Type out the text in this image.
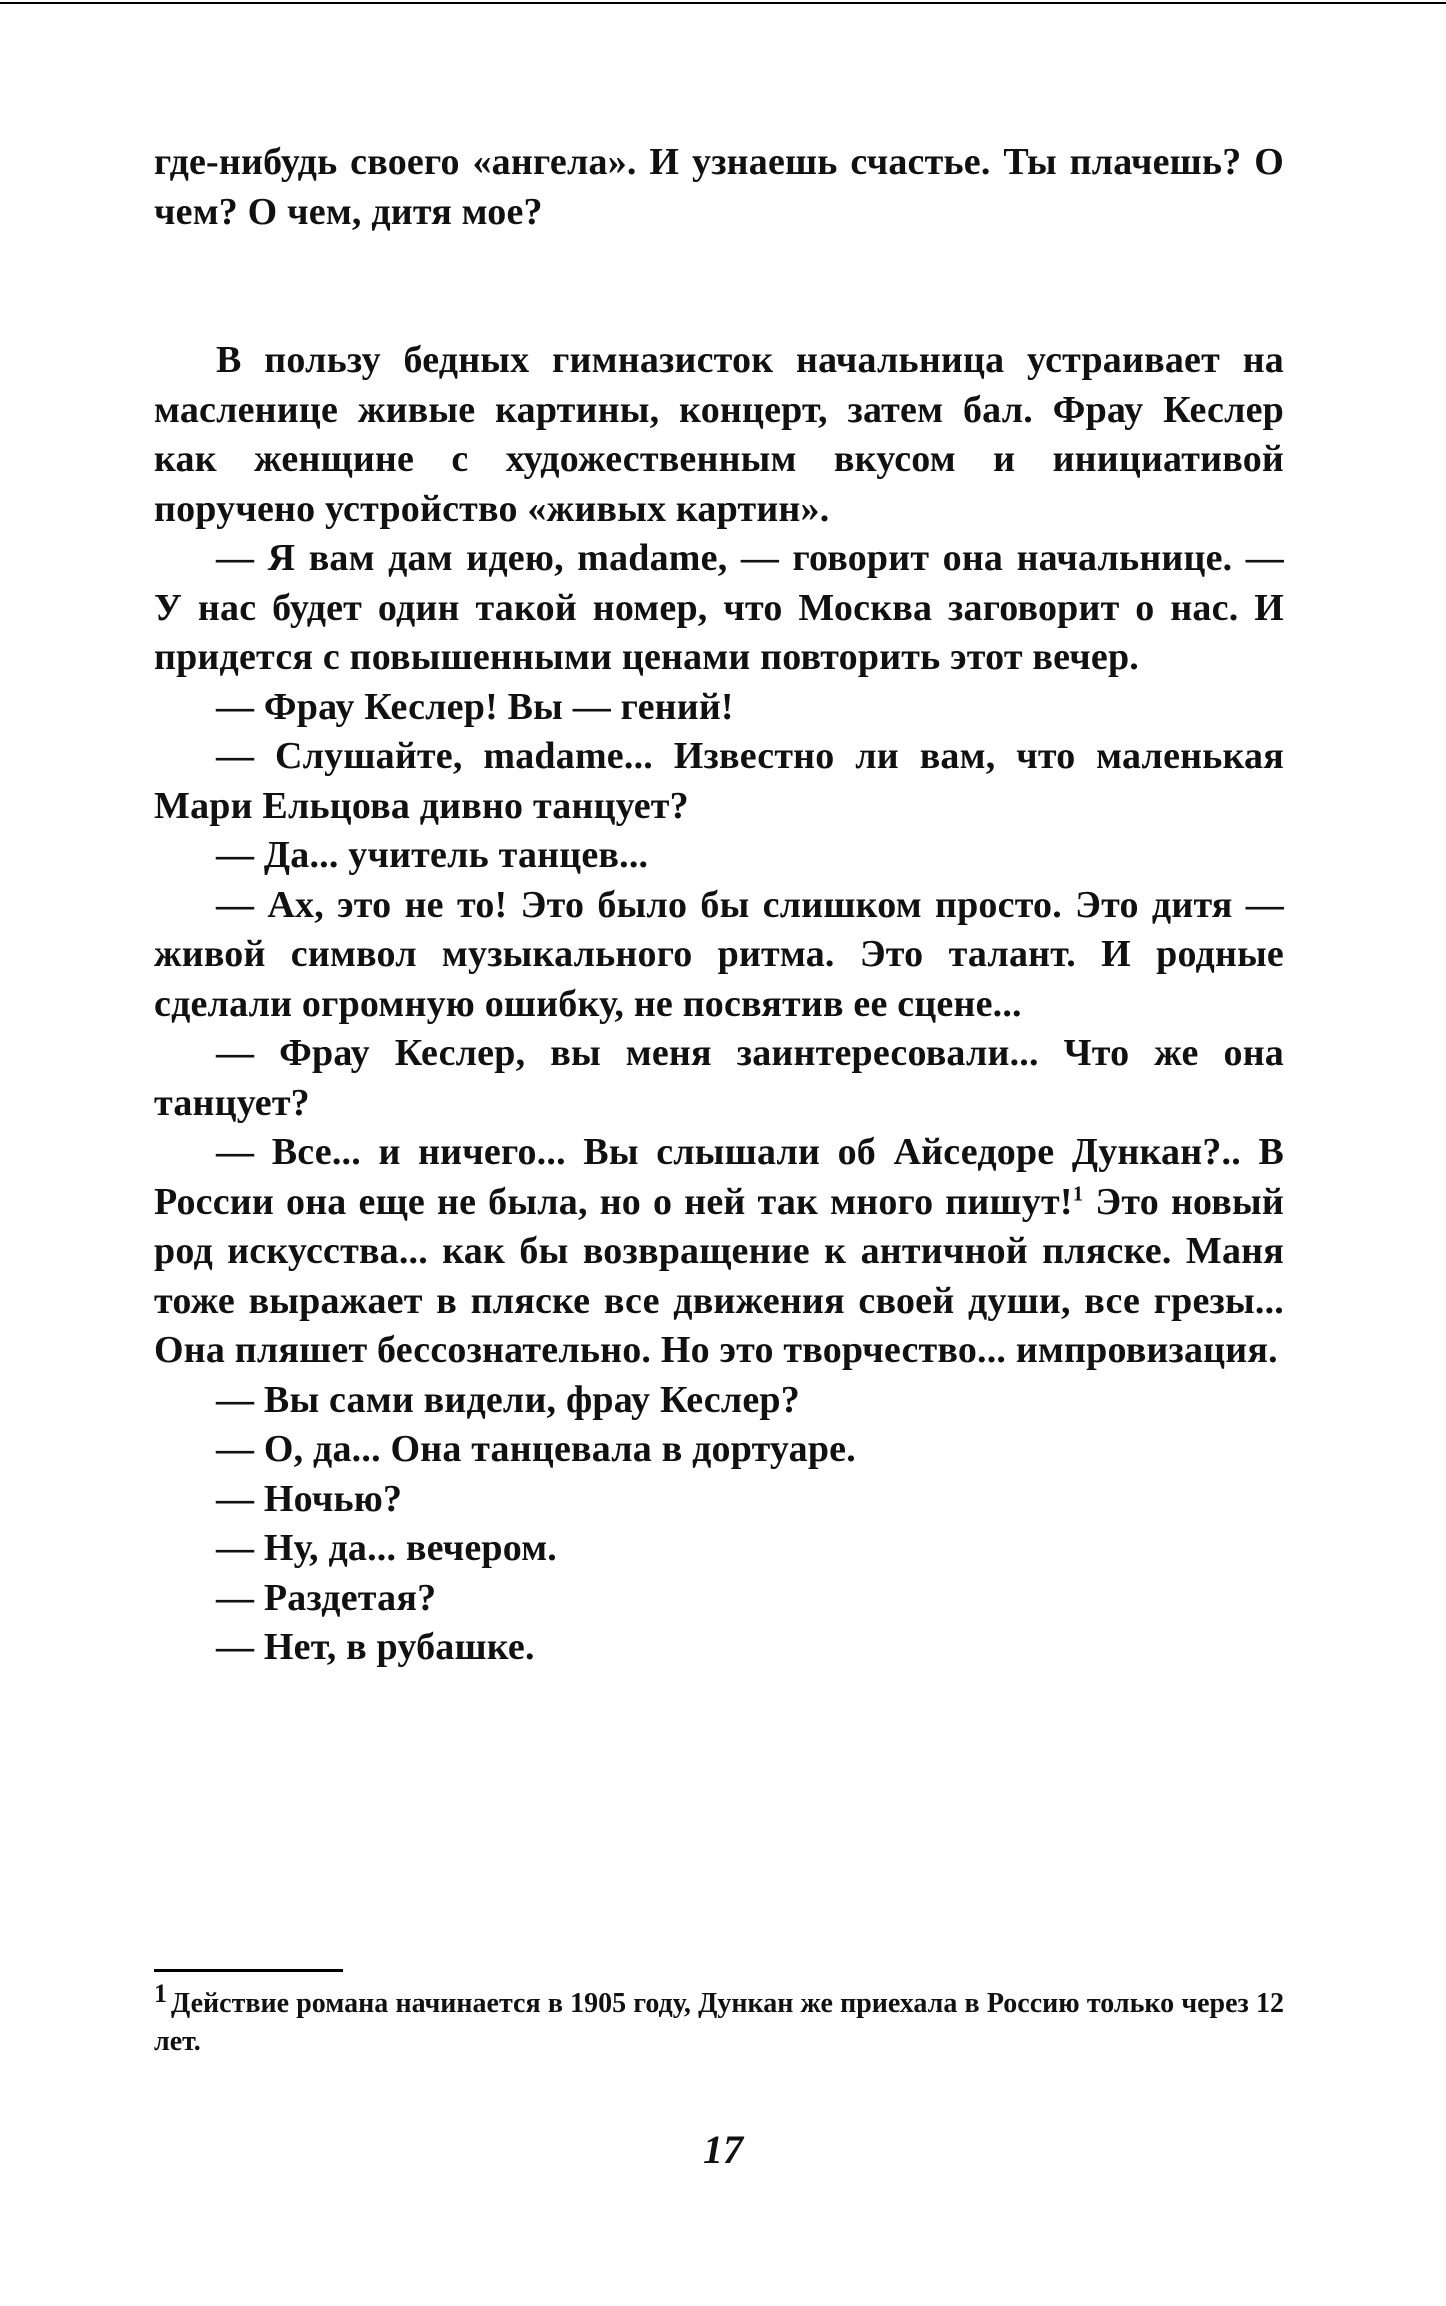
где-нибудь своего «ангела». И узнаешь счастье. Ты плачешь? О чем? О чем, дитя мое?

В пользу бедных гимназисток начальница устраивает на масленице живые картины, концерт, затем бал. Фрау Кеслер как женщине с художественным вкусом и инициативой поручено устройство «живых картин».

— Я вам дам идею, madame, — говорит она начальнице. — У нас будет один такой номер, что Москва заговорит о нас. И придется с повышенными ценами повторить этот вечер.

— Фрау Кеслер! Вы — гений!

— Слушайте, madame... Известно ли вам, что маленькая Мари Ельцова дивно танцует?

— Да... учитель танцев...

— Ах, это не то! Это было бы слишком просто. Это дитя — живой символ музыкального ритма. Это талант. И родные сделали огромную ошибку, не посвятив ее сцене...

— Фрау Кеслер, вы меня заинтересовали... Что же она танцует?

— Все... и ничего... Вы слышали об Айседоре Дункан?.. В России она еще не была, но о ней так много пишут!$^1$ Это новый род искусства... как бы возвращение к античной пляске. Маня тоже выражает в пляске все движения своей души, все грезы... Она пляшет бессознательно. Но это творчество... импровизация.

— Вы сами видели, фрау Кеслер?

— О, да... Она танцевала в дортуаре.

— Ночью?

— Ну, да... вечером.

— Раздетая?

— Нет, в рубашке.

1 Действие романа начинается в 1905 году, Дункан же приехала в Россию только через 12 лет.
17
